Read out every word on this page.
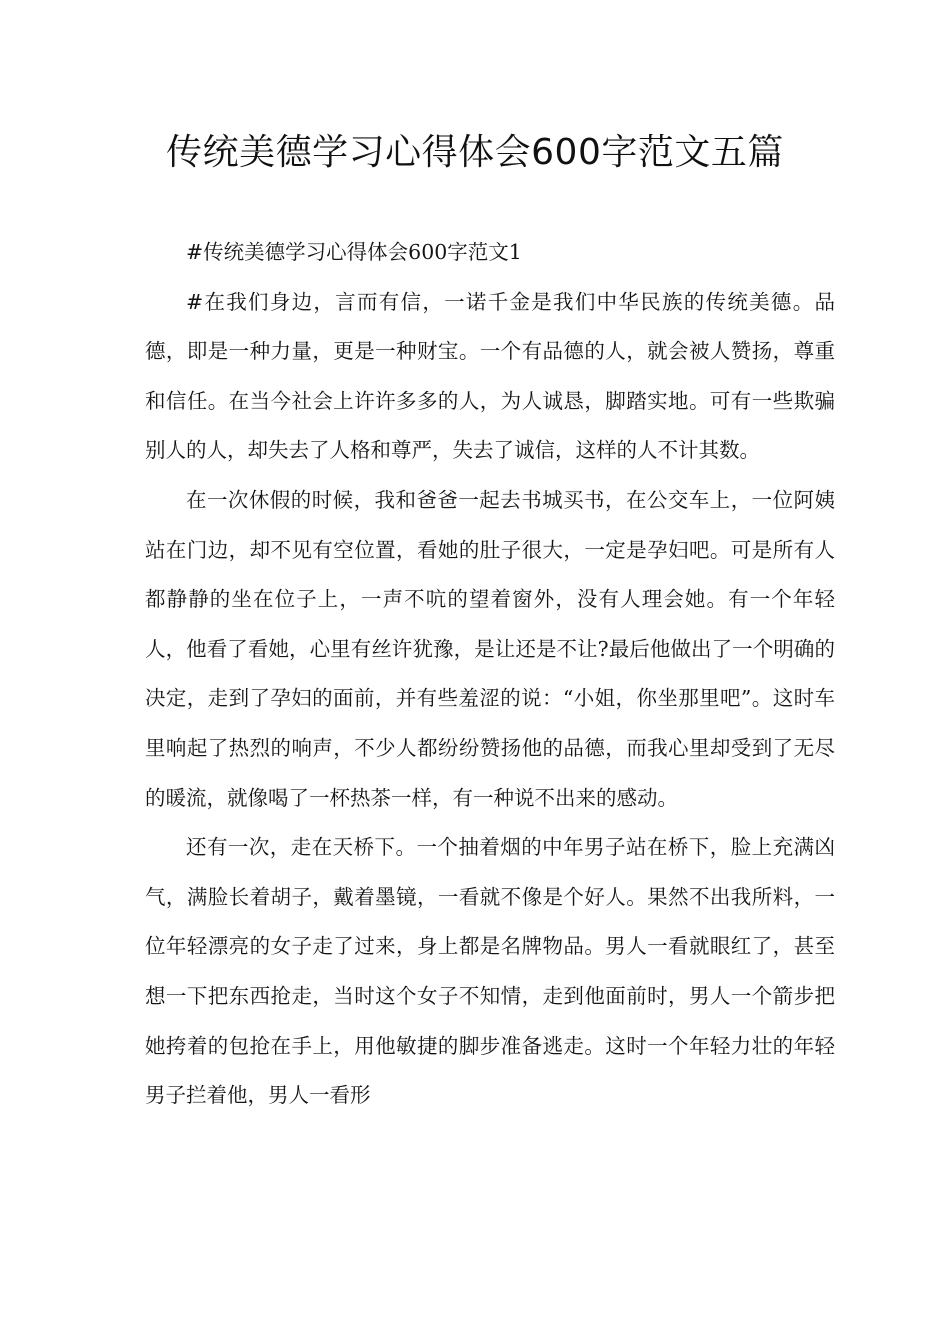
传统美德学习心得体会600字范文五篇

#传统美德学习心得体会600字范文1

#在我们身边，言而有信，一诺千金是我们中华民族的传统美德。品德，即是一种力量，更是一种财宝。一个有品德的人，就会被人赞扬，尊重和信任。在当今社会上许许多多的人，为人诚恳，脚踏实地。可有一些欺骗别人的人，却失去了人格和尊严，失去了诚信，这样的人不计其数。

在一次休假的时候，我和爸爸一起去书城买书，在公交车上，一位阿姨站在门边，却不见有空位置，看她的肚子很大，一定是孕妇吧。可是所有人都静静的坐在位子上，一声不吭的望着窗外，没有人理会她。有一个年轻人，他看了看她，心里有丝许犹豫，是让还是不让?最后他做出了一个明确的决定，走到了孕妇的面前，并有些羞涩的说：“小姐，你坐那里吧”。这时车里响起了热烈的响声，不少人都纷纷赞扬他的品德，而我心里却受到了无尽的暖流，就像喝了一杯热茶一样，有一种说不出来的感动。

还有一次，走在天桥下。一个抽着烟的中年男子站在桥下，脸上充满凶气，满脸长着胡子，戴着墨镜，一看就不像是个好人。果然不出我所料，一位年轻漂亮的女子走了过来，身上都是名牌物品。男人一看就眼红了，甚至想一下把东西抢走，当时这个女子不知情，走到他面前时，男人一个箭步把她挎着的包抢在手上，用他敏捷的脚步准备逃走。这时一个年轻力壮的年轻男子拦着他，男人一看形
